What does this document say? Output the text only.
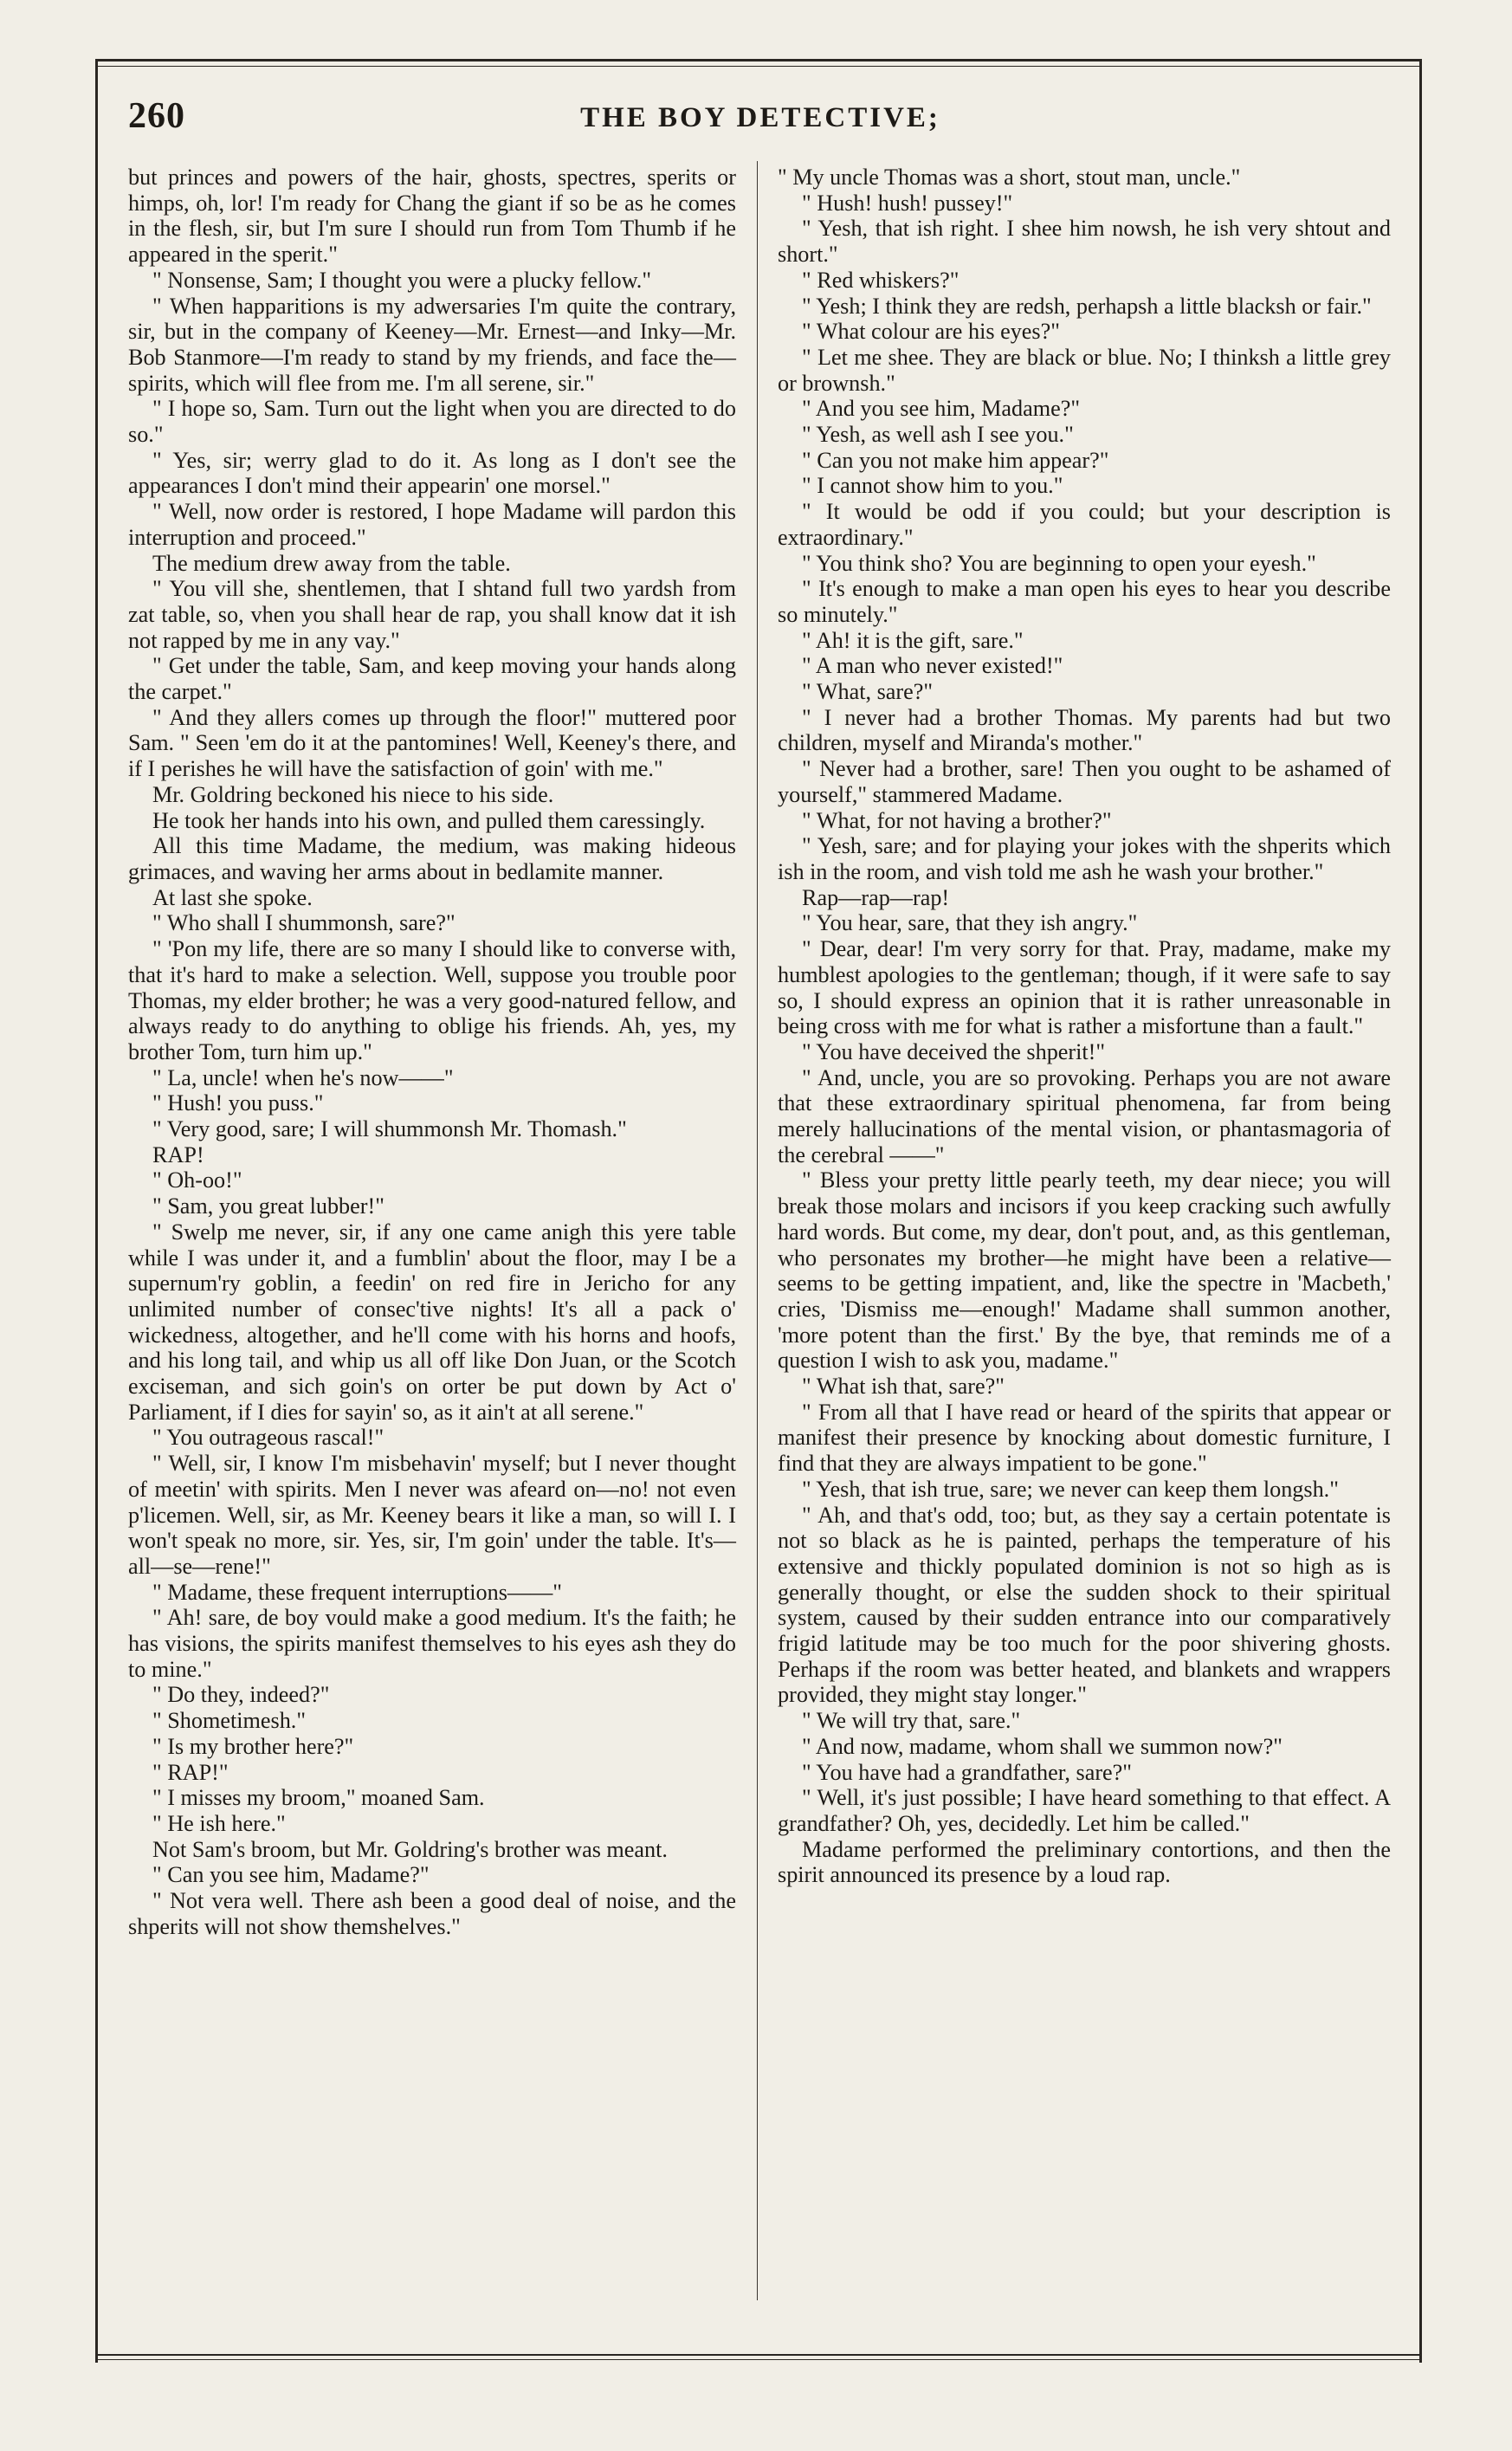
260	THE BOY DETECTIVE;

but princes and powers of the hair, ghosts, spectres, sperits or himps, oh, lor! I'm ready for Chang the giant if so be as he comes in the flesh, sir, but I'm sure I should run from Tom Thumb if he appeared in the sperit."

" Nonsense, Sam; I thought you were a plucky fellow."

" When happaritions is my adwersaries I'm quite the contrary, sir, but in the company of Keeney—Mr. Ernest—and Inky—Mr. Bob Stanmore—I'm ready to stand by my friends, and face the—spirits, which will flee from me. I'm all serene, sir."

" I hope so, Sam. Turn out the light when you are directed to do so."

" Yes, sir; werry glad to do it. As long as I don't see the appearances I don't mind their appearin' one morsel."

" Well, now order is restored, I hope Madame will pardon this interruption and proceed."

The medium drew away from the table.

" You vill she, shentlemen, that I shtand full two yardsh from zat table, so, vhen you shall hear de rap, you shall know dat it ish not rapped by me in any vay."

" Get under the table, Sam, and keep moving your hands along the carpet."

" And they allers comes up through the floor!" muttered poor Sam. " Seen 'em do it at the pantomines! Well, Keeney's there, and if I perishes he will have the satisfaction of goin' with me."

Mr. Goldring beckoned his niece to his side.

He took her hands into his own, and pulled them caressingly.

All this time Madame, the medium, was making hideous grimaces, and waving her arms about in bedlamite manner.

At last she spoke.

" Who shall I shummonsh, sare?"

" 'Pon my life, there are so many I should like to converse with, that it's hard to make a selection. Well, suppose you trouble poor Thomas, my elder brother; he was a very good-natured fellow, and always ready to do anything to oblige his friends. Ah, yes, my brother Tom, turn him up."

" La, uncle! when he's now——"

" Hush! you puss."

" Very good, sare; I will shummonsh Mr. Thomash."

RAP!

" Oh-oo!"

" Sam, you great lubber!"

" Swelp me never, sir, if any one came anigh this yere table while I was under it, and a fumblin' about the floor, may I be a supernum'ry goblin, a feedin' on red fire in Jericho for any unlimited number of consec'tive nights! It's all a pack o' wickedness, altogether, and he'll come with his horns and hoofs, and his long tail, and whip us all off like Don Juan, or the Scotch exciseman, and sich goin's on orter be put down by Act o' Parliament, if I dies for sayin' so, as it ain't at all serene."

" You outrageous rascal!"

" Well, sir, I know I'm misbehavin' myself; but I never thought of meetin' with spirits. Men I never was afeard on—no! not even p'licemen. Well, sir, as Mr. Keeney bears it like a man, so will I. I won't speak no more, sir. Yes, sir, I'm goin' under the table. It's—all—se—rene!"

" Madame, these frequent interruptions——"

" Ah! sare, de boy vould make a good medium. It's the faith; he has visions, the spirits manifest themselves to his eyes ash they do to mine."

" Do they, indeed?"

" Shometimesh."

" Is my brother here?"

" RAP!"

" I misses my broom," moaned Sam.

" He ish here."

Not Sam's broom, but Mr. Goldring's brother was meant.

" Can you see him, Madame?"

" Not vera well. There ash been a good deal of noise, and the shperits will not show themshelves."

" My uncle Thomas was a short, stout man, uncle."

" Hush! hush! pussey!"

" Yesh, that ish right. I shee him nowsh, he ish very shtout and short."

" Red whiskers?"

" Yesh; I think they are redsh, perhapsh a little blacksh or fair."

" What colour are his eyes?"

" Let me shee. They are black or blue. No; I thinksh a little grey or brownsh."

" And you see him, Madame?"

" Yesh, as well ash I see you."

" Can you not make him appear?"

" I cannot show him to you."

" It would be odd if you could; but your description is extraordinary."

" You think sho? You are beginning to open your eyesh."

" It's enough to make a man open his eyes to hear you describe so minutely."

" Ah! it is the gift, sare."

" A man who never existed!"

" What, sare?"

" I never had a brother Thomas. My parents had but two children, myself and Miranda's mother."

" Never had a brother, sare! Then you ought to be ashamed of yourself," stammered Madame.

" What, for not having a brother?"

" Yesh, sare; and for playing your jokes with the shperits which ish in the room, and vish told me ash he wash your brother."

Rap—rap—rap!

" You hear, sare, that they ish angry."

" Dear, dear! I'm very sorry for that. Pray, madame, make my humblest apologies to the gentleman; though, if it were safe to say so, I should express an opinion that it is rather unreasonable in being cross with me for what is rather a misfortune than a fault."

" You have deceived the shperit!"

" And, uncle, you are so provoking. Perhaps you are not aware that these extraordinary spiritual phenomena, far from being merely hallucinations of the mental vision, or phantasmagoria of the cerebral ——"

" Bless your pretty little pearly teeth, my dear niece; you will break those molars and incisors if you keep cracking such awfully hard words. But come, my dear, don't pout, and, as this gentleman, who personates my brother—he might have been a relative—seems to be getting impatient, and, like the spectre in 'Macbeth,' cries, 'Dismiss me—enough!' Madame shall summon another, 'more potent than the first.' By the bye, that reminds me of a question I wish to ask you, madame."

" What ish that, sare?"

" From all that I have read or heard of the spirits that appear or manifest their presence by knocking about domestic furniture, I find that they are always impatient to be gone."

" Yesh, that ish true, sare; we never can keep them longsh."

" Ah, and that's odd, too; but, as they say a certain potentate is not so black as he is painted, perhaps the temperature of his extensive and thickly populated dominion is not so high as is generally thought, or else the sudden shock to their spiritual system, caused by their sudden entrance into our comparatively frigid latitude may be too much for the poor shivering ghosts. Perhaps if the room was better heated, and blankets and wrappers provided, they might stay longer."

" We will try that, sare."

" And now, madame, whom shall we summon now?"

" You have had a grandfather, sare?"

" Well, it's just possible; I have heard something to that effect. A grandfather? Oh, yes, decidedly. Let him be called."

Madame performed the preliminary contortions, and then the spirit announced its presence by a loud rap.
